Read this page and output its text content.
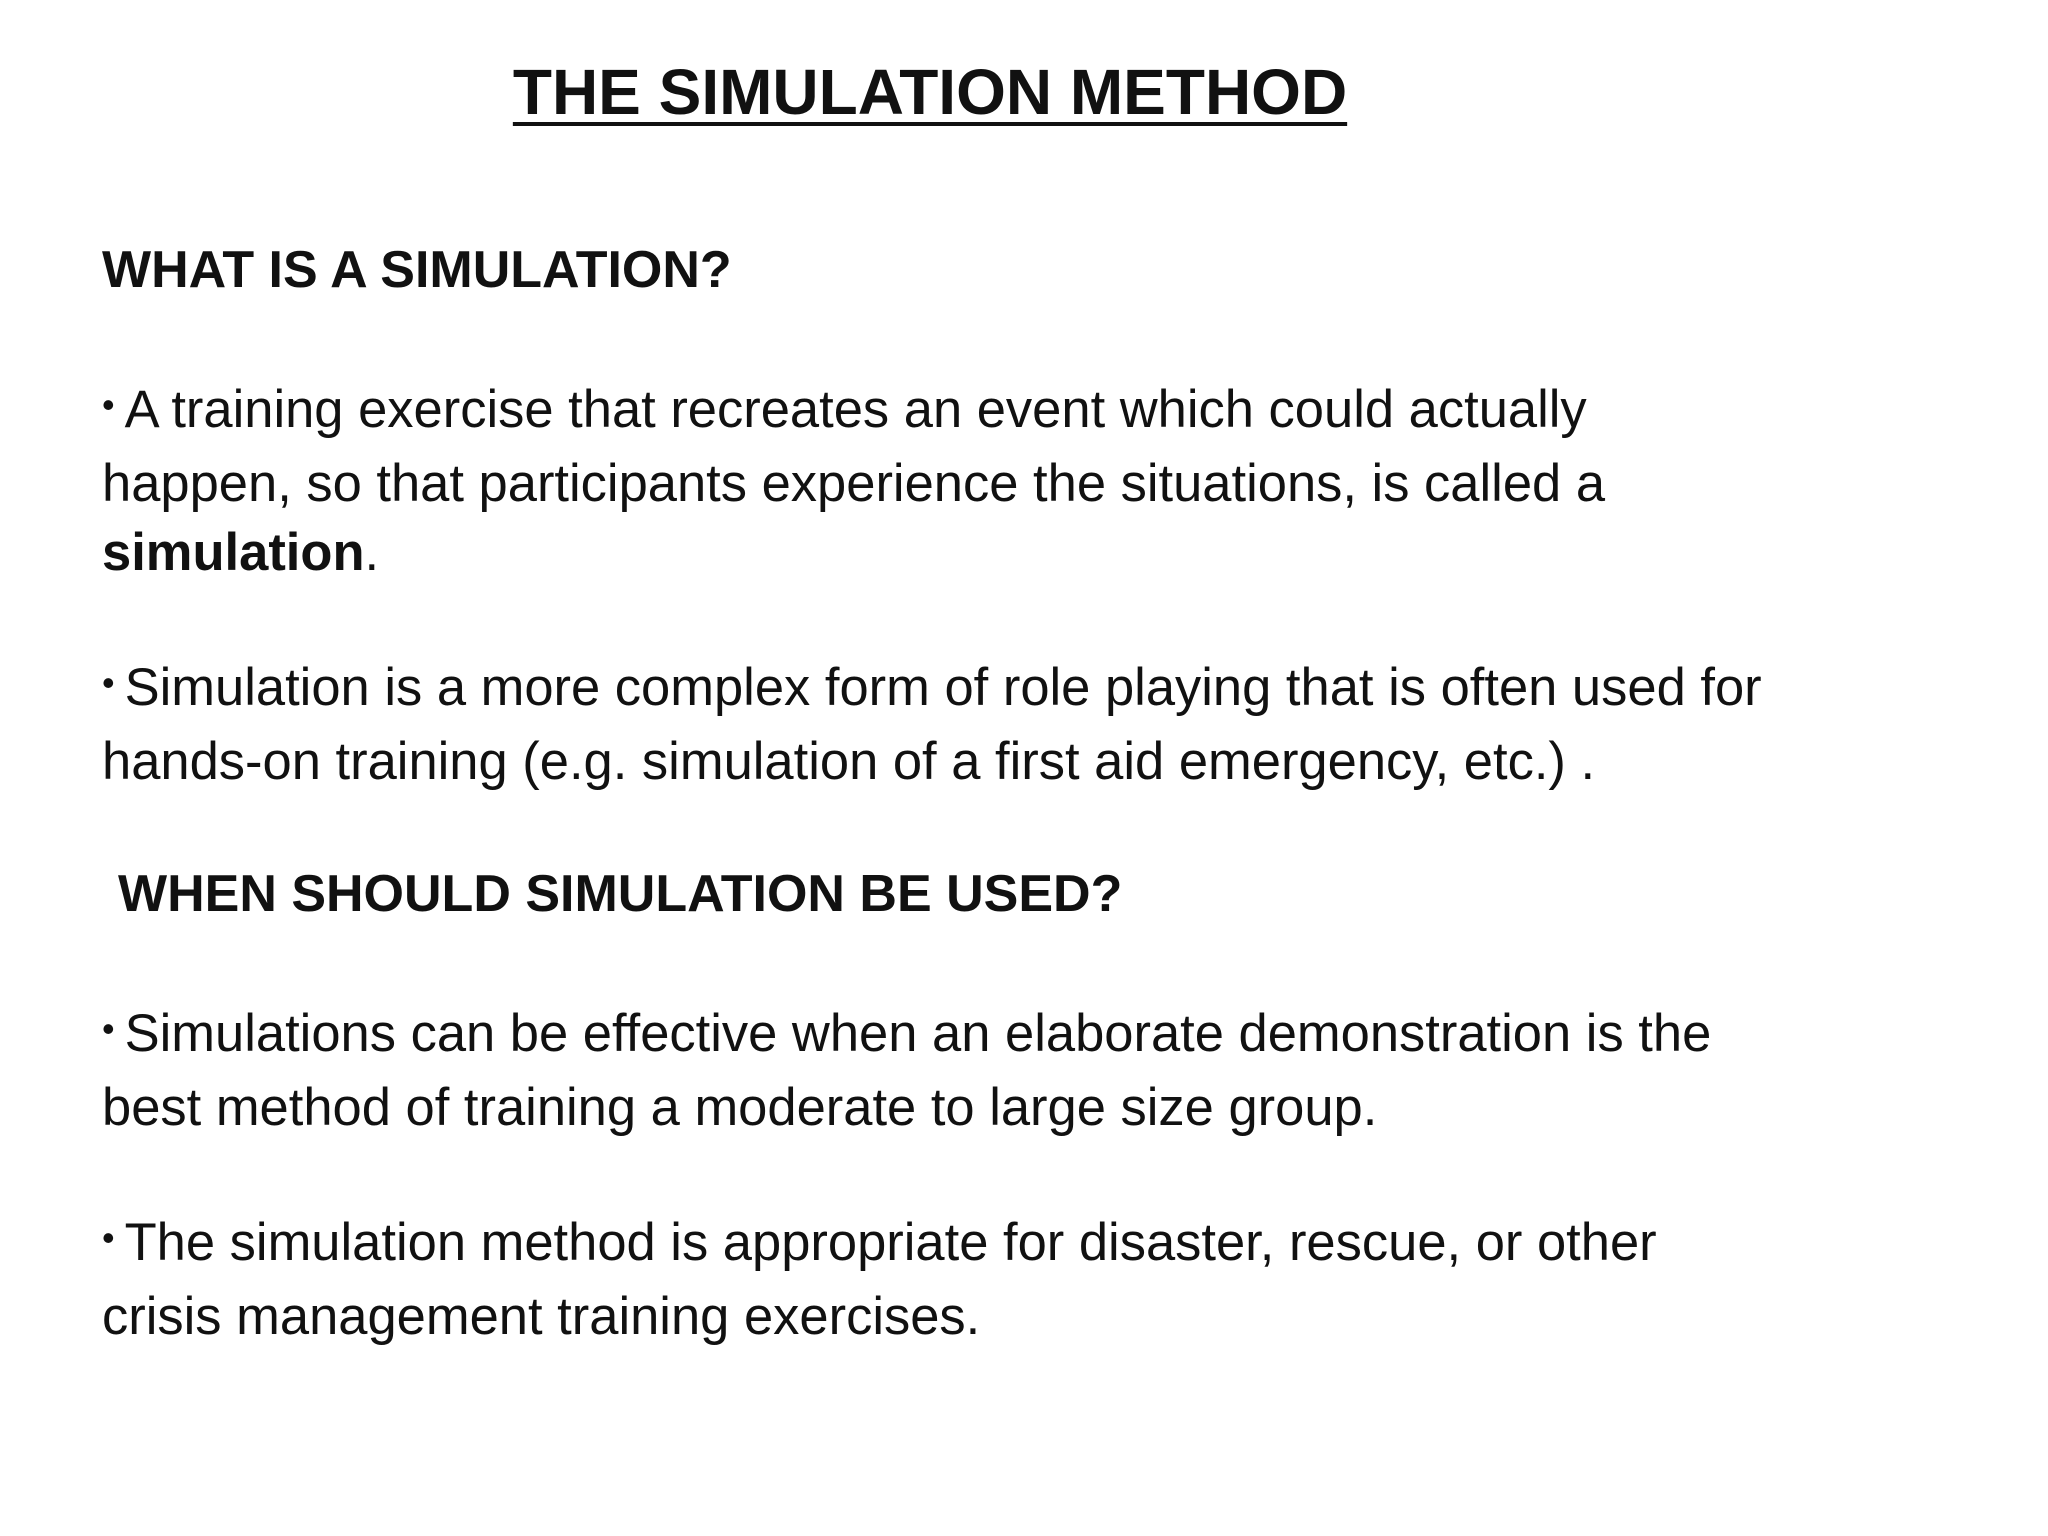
THE SIMULATION METHOD
WHAT IS A SIMULATION?

• A training exercise that recreates an event which could actually
happen, so that participants experience the situations, is called a
simulation.

• Simulation is a more complex form of role playing that is often used for
hands-on training (e.g. simulation of a first aid emergency, etc.) .

WHEN SHOULD SIMULATION BE USED?

• Simulations can be effective when an elaborate demonstration is the
best method of training a moderate to large size group.

• The simulation method is appropriate for disaster, rescue, or other
crisis management training exercises.
